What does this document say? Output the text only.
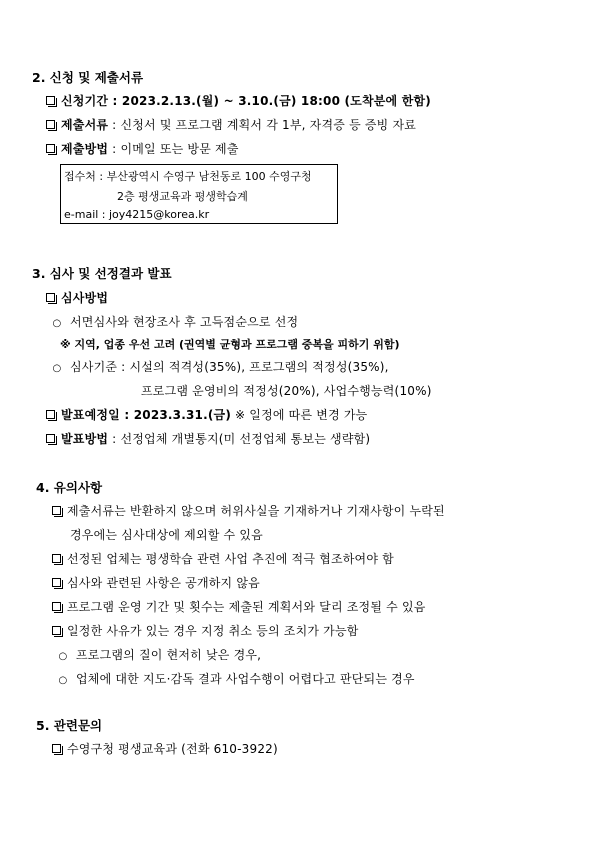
2. 신청 및 제출서류
신청기간 : 2023.2.13.(월) ~ 3.10.(금) 18:00 (도착분에 한함)
제출서류 : 신청서 및 프로그램 계획서 각 1부, 자격증 등 증빙 자료
제출방법 : 이메일 또는 방문 제출
접수처 : 부산광역시 수영구 남천동로 100 수영구청
2층 평생교육과 평생학습계
e-mail : joy4215@korea.kr
3. 심사 및 선정결과 발표
심사방법
○ 서면심사와 현장조사 후 고득점순으로 선정
※ 지역, 업종 우선 고려 (권역별 균형과 프로그램 중복을 피하기 위함)
○ 심사기준 : 시설의 적격성(35%), 프로그램의 적정성(35%),
프로그램 운영비의 적정성(20%), 사업수행능력(10%)
발표예정일 : 2023.3.31.(금) ※ 일정에 따른 변경 가능
발표방법 : 선정업체 개별통지(미 선정업체 통보는 생략함)
4. 유의사항
제출서류는 반환하지 않으며 허위사실을 기재하거나 기재사항이 누락된
경우에는 심사대상에 제외할 수 있음
선정된 업체는 평생학습 관련 사업 추진에 적극 협조하여야 함
심사와 관련된 사항은 공개하지 않음
프로그램 운영 기간 및 횟수는 제출된 계획서와 달리 조정될 수 있음
일정한 사유가 있는 경우 지정 취소 등의 조치가 가능함
○ 프로그램의 질이 현저히 낮은 경우,
○ 업체에 대한 지도·감독 결과 사업수행이 어렵다고 판단되는 경우
5. 관련문의
수영구청 평생교육과 (전화 610-3922)
